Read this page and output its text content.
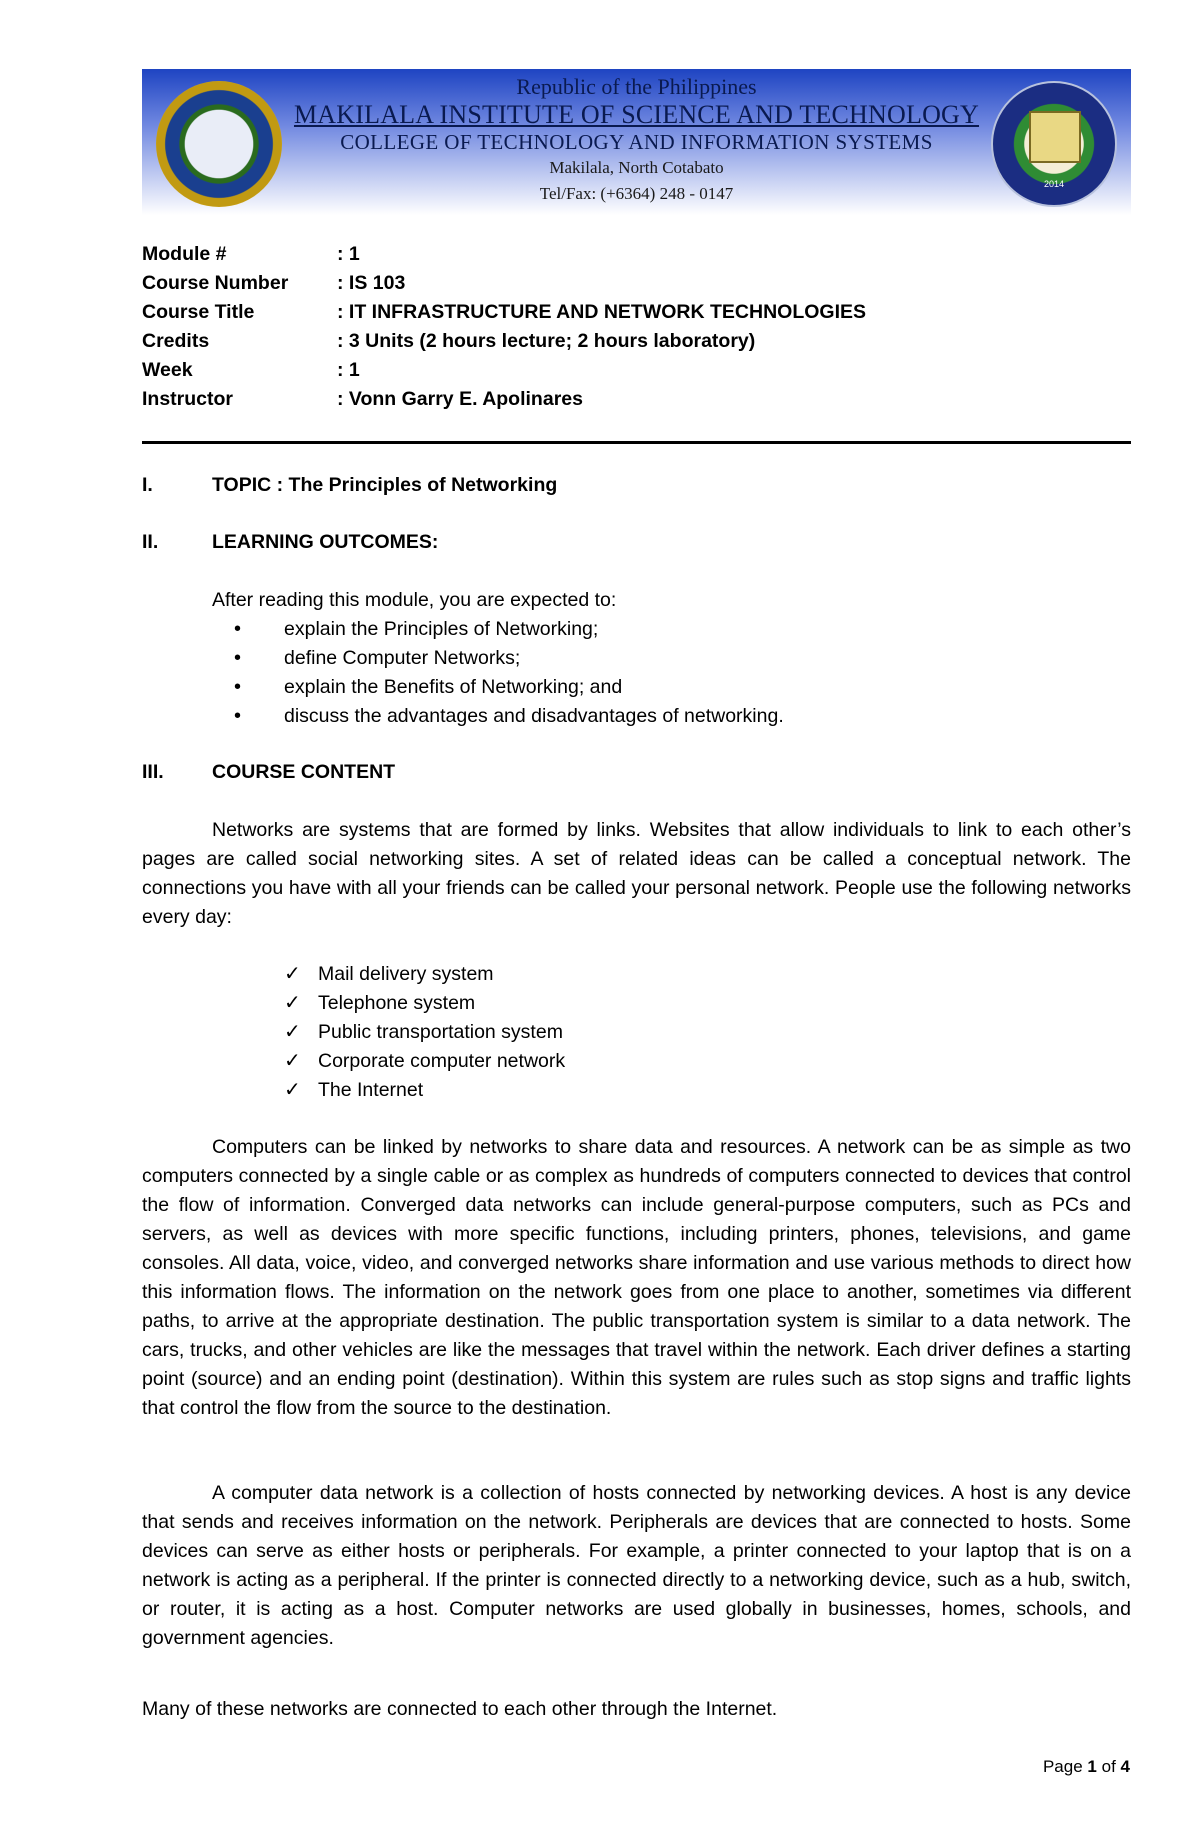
Republic of the Philippines
MAKILALA INSTITUTE OF SCIENCE AND TECHNOLOGY
COLLEGE OF TECHNOLOGY AND INFORMATION SYSTEMS
Makilala, North Cotabato
Tel/Fax: (+6364) 248 - 0147	2014
Module #	: 1
Course Number : IS 103
Course Title	: IT INFRASTRUCTURE AND NETWORK TECHNOLOGIES
Credits	: 3 Units (2 hours lecture; 2 hours laboratory)
Week	: 1
Instructor	: Vonn Garry E. Apolinares
I.	TOPIC : The Principles of Networking
II.	LEARNING OUTCOMES:
After reading this module, you are expected to:
• explain the Principles of Networking;
• define Computer Networks;
• explain the Benefits of Networking; and
• discuss the advantages and disadvantages of networking.
III. COURSE CONTENT

Networks are systems that are formed by links. Websites that allow individuals to link to each other’s pages are called social networking sites. A set of related ideas can be called a conceptual network. The connections you have with all your friends can be called your personal network. People use the following networks every day:

✓ Mail delivery system
✓ Telephone system
✓ Public transportation system
✓ Corporate computer network
✓ The Internet

Computers can be linked by networks to share data and resources. A network can be as simple as two computers connected by a single cable or as complex as hundreds of computers connected to devices that control the flow of information. Converged data networks can include general-purpose computers, such as PCs and servers, as well as devices with more specific functions, including printers, phones, televisions, and game consoles. All data, voice, video, and converged networks share information and use various methods to direct how this information flows. The information on the network goes from one place to another, sometimes via different paths, to arrive at the appropriate destination. The public transportation system is similar to a data network. The cars, trucks, and other vehicles are like the messages that travel within the network. Each driver defines a starting point (source) and an ending point (destination). Within this system are rules such as stop signs and traffic lights that control the flow from the source to the destination.

A computer data network is a collection of hosts connected by networking devices. A host is any device that sends and receives information on the network. Peripherals are devices that are connected to hosts. Some devices can serve as either hosts or peripherals. For example, a printer connected to your laptop that is on a network is acting as a peripheral. If the printer is connected directly to a networking device, such as a hub, switch, or router, it is acting as a host. Computer networks are used globally in businesses, homes, schools, and government agencies.

Many of these networks are connected to each other through the Internet.
Page 1 of 4
